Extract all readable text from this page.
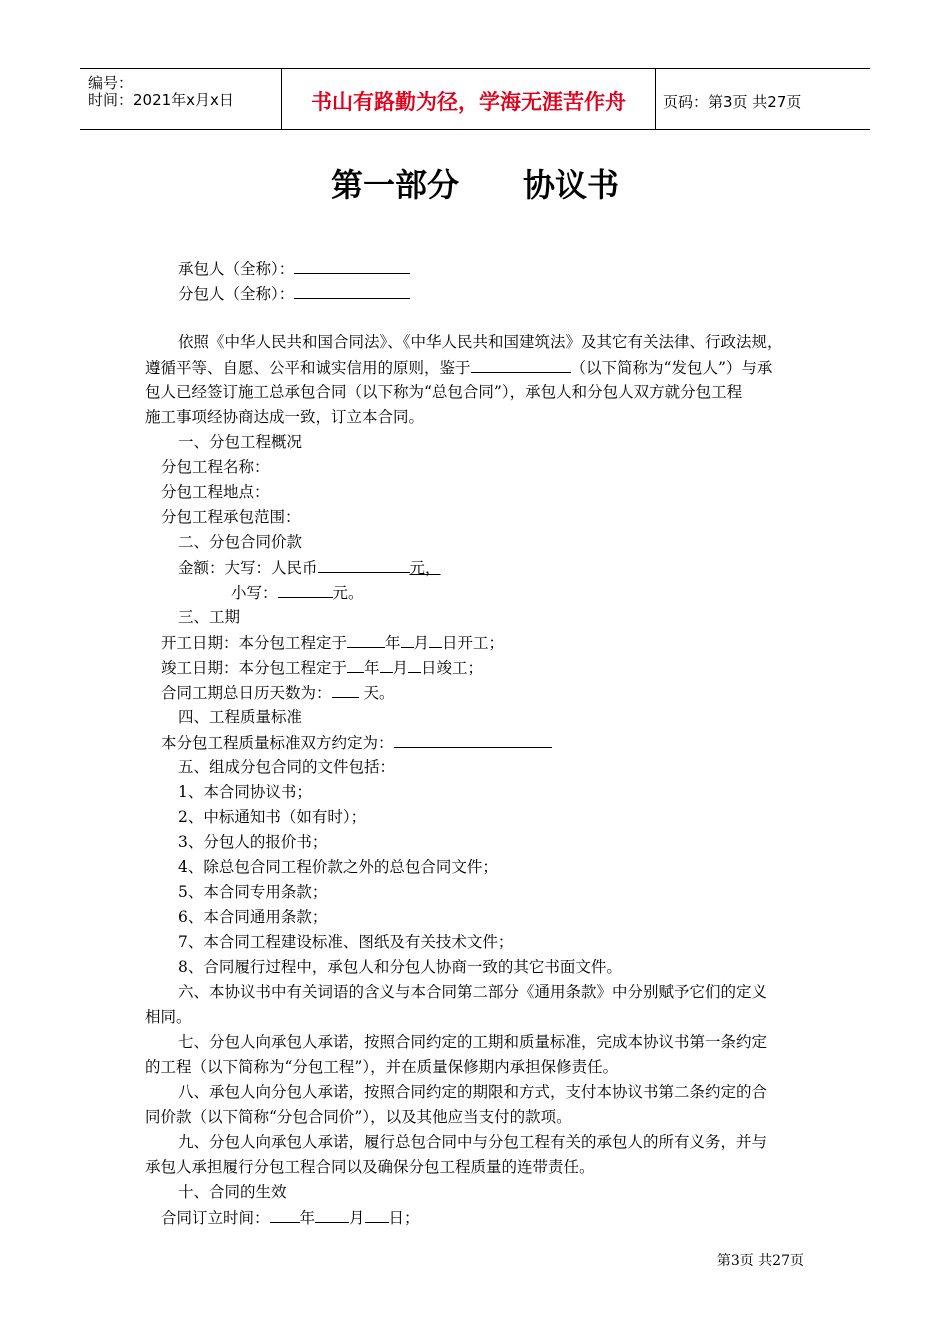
编号：
时间：2021年x月x日	书山有路勤为径，学海无涯苦作舟	页码：第3页 共27页
第一部分　　协议书
承包人（全称）：
分包人（全称）：
依照《中华人民共和国合同法》、《中华人民共和国建筑法》及其它有关法律、行政法规，
遵循平等、自愿、公平和诚实信用的原则，鉴于	（以下简称为“发包人”）与承
包人已经签订施工总承包合同（以下称为“总包合同”），承包人和分包人双方就分包工程
施工事项经协商达成一致，订立本合同。
一、分包工程概况
分包工程名称：
分包工程地点：
分包工程承包范围：
二、分包合同价款
金额：大写：人民币	元，
小写：	元。
三、工期
开工日期：本分包工程定于 年 月 日开工；
竣工日期：本分包工程定于 年 月 日竣工；
合同工期总日历天数为： 天。
四、工程质量标准
本分包工程质量标准双方约定为：
五、组成分包合同的文件包括：
1、本合同协议书；
2、中标通知书（如有时）；
3、分包人的报价书；
4、除总包合同工程价款之外的总包合同文件；
5、本合同专用条款；
6、本合同通用条款；
7、本合同工程建设标准、图纸及有关技术文件；
8、合同履行过程中，承包人和分包人协商一致的其它书面文件。
六、本协议书中有关词语的含义与本合同第二部分《通用条款》中分别赋予它们的定义
相同。
七、分包人向承包人承诺，按照合同约定的工期和质量标准，完成本协议书第一条约定
的工程（以下简称为“分包工程”），并在质量保修期内承担保修责任。
八、承包人向分包人承诺，按照合同约定的期限和方式，支付本协议书第二条约定的合
同价款（以下简称“分包合同价”），以及其他应当支付的款项。
九、分包人向承包人承诺，履行总包合同中与分包工程有关的承包人的所有义务，并与
承包人承担履行分包工程合同以及确保分包工程质量的连带责任。
十、合同的生效
合同订立时间： 年 月 日；
第3页 共27页
